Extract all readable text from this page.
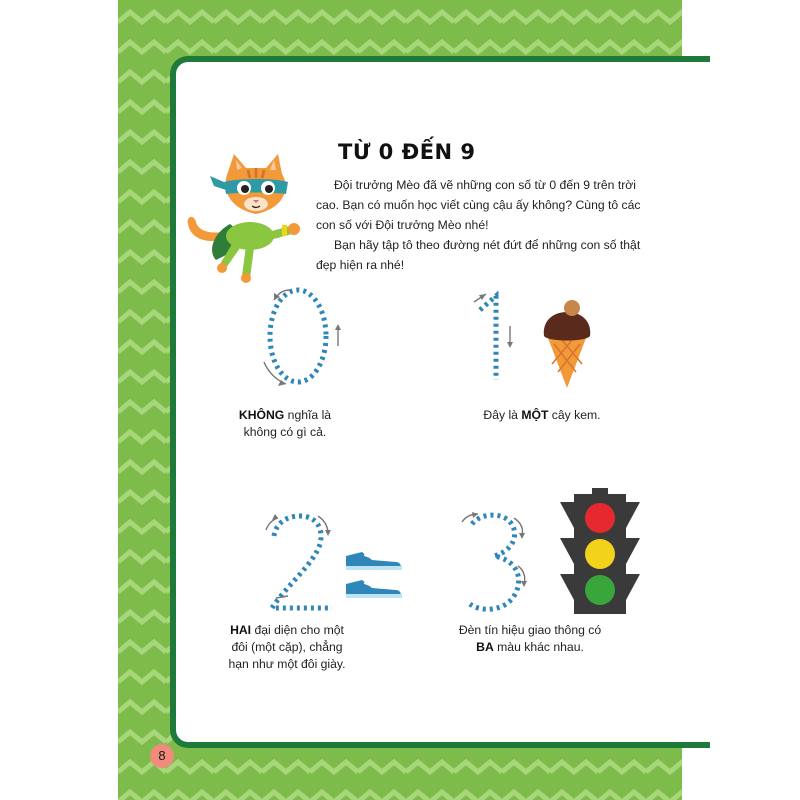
TỪ 0 ĐẾN 9

Đội trưởng Mèo đã vẽ những con số từ 0 đến 9 trên trời cao. Bạn có muốn học viết cùng cậu ấy không? Cùng tô các con số với Đội trưởng Mèo nhé!

Bạn hãy tập tô theo đường nét đứt để những con số thật đẹp hiện ra nhé!

KHÔNG nghĩa là không có gì cả.

Đây là MỘT cây kem.

HAI đại diện cho một đôi (một cặp), chẳng hạn như một đôi giày.

Đèn tín hiệu giao thông có BA màu khác nhau.

8
